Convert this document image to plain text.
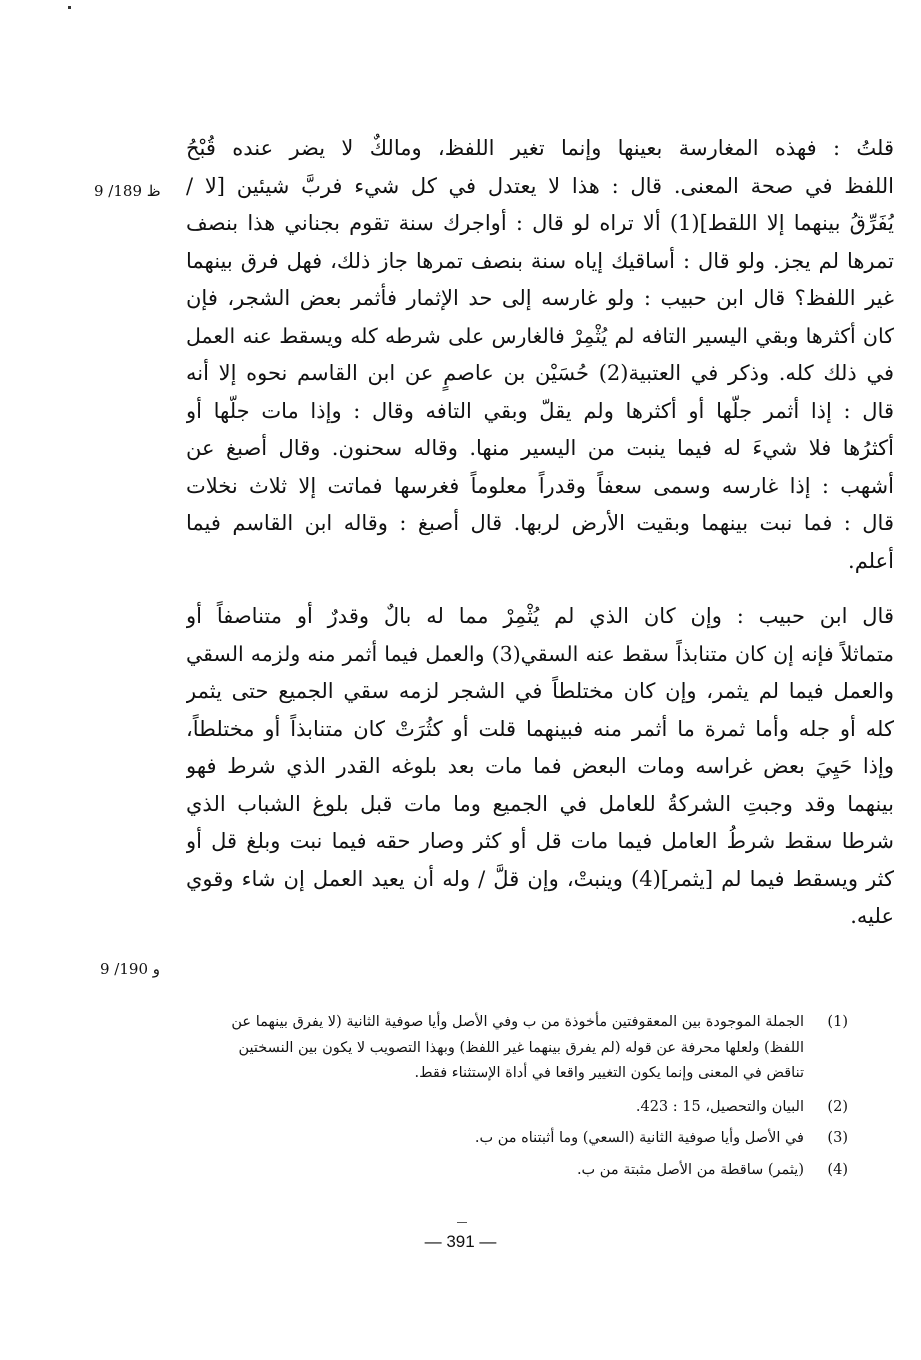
9 /189 ظ
9 /190 و
قلتُ : فهذه المغارسة بعينها وإنما تغير اللفظ، ومالكٌ لا يضر عنده قُبْحُ
اللفظ في صحة المعنى. قال : هذا لا يعتدل في كل شيء فربَّ شيئين [لا /
يُفَرِّقُ بينهما إلا اللقط](1) ألا تراه لو قال : أواجرك سنة تقوم بجناني هذا بنصف
تمرها لم يجز. ولو قال : أساقيك إياه سنة بنصف تمرها جاز ذلك، فهل فرق بينهما
غير اللفظ؟ قال ابن حبيب : ولو غارسه إلى حد الإثمار فأثمر بعض الشجر، فإن
كان أكثرها وبقي اليسير التافه لم يُثْمِرْ فالغارس على شرطه كله ويسقط عنه العمل
في ذلك كله. وذكر في العتبية(2) حُسَيْن بن عاصمٍ عن ابن القاسم نحوه إلا أنه
قال : إذا أثمر جلّها أو أكثرها ولم يقلّ وبقي التافه وقال : وإذا مات جلّها أو
أكثرُها فلا شيءَ له فيما ينبت من اليسير منها. وقاله سحنون. وقال أصبغ عن
أشهب : إذا غارسه وسمى سعفاً وقدراً معلوماً فغرسها فماتت إلا ثلاث نخلات
قال : فما نبت بينهما وبقيت الأرض لربها. قال أصبغ : وقاله ابن القاسم فيما
أعلم.
قال ابن حبيب : وإن كان الذي لم يُثْمِرْ مما له بالٌ وقدرٌ أو متناصفاً أو
متماثلاً فإنه إن كان متنابذاً سقط عنه السقي(3) والعمل فيما أثمر منه ولزمه السقي
والعمل فيما لم يثمر، وإن كان مختلطاً في الشجر لزمه سقي الجميع حتى يثمر
كله أو جله وأما ثمرة ما أثمر منه فبينهما قلت أو كثُرَتْ كان متنابذاً أو مختلطاً،
وإذا حَيِيَ بعض غراسه ومات البعض فما مات بعد بلوغه القدر الذي شرط فهو
بينهما وقد وجبتِ الشركةُ للعامل في الجميع وما مات قبل بلوغ الشباب الذي
شرطا سقط شرطُ العامل فيما مات قل أو كثر وصار حقه فيما نبت وبلغ قل أو
كثر ويسقط فيما لم [يثمر](4) وينبتْ، وإن قلَّ / وله أن يعيد العمل إن شاء وقوي
عليه.
(1)
الجملة الموجودة بين المعقوفتين مأخوذة من ب وفي الأصل وأيا صوفية الثانية (لا يفرق بينهما عن
اللفظ) ولعلها محرفة عن قوله (لم يفرق بينهما غير اللفظ) وبهذا التصويب لا يكون بين النسختين
تناقض في المعنى وإنما يكون التغيير واقعا في أداة الإستثناء فقط.
(2)
البيان والتحصيل، 15 : 423.
(3)
في الأصل وأيا صوفية الثانية (السعي) وما أثبتناه من ب.
(4)
(يثمر) ساقطة من الأصل مثبتة من ب.
— 391 —
